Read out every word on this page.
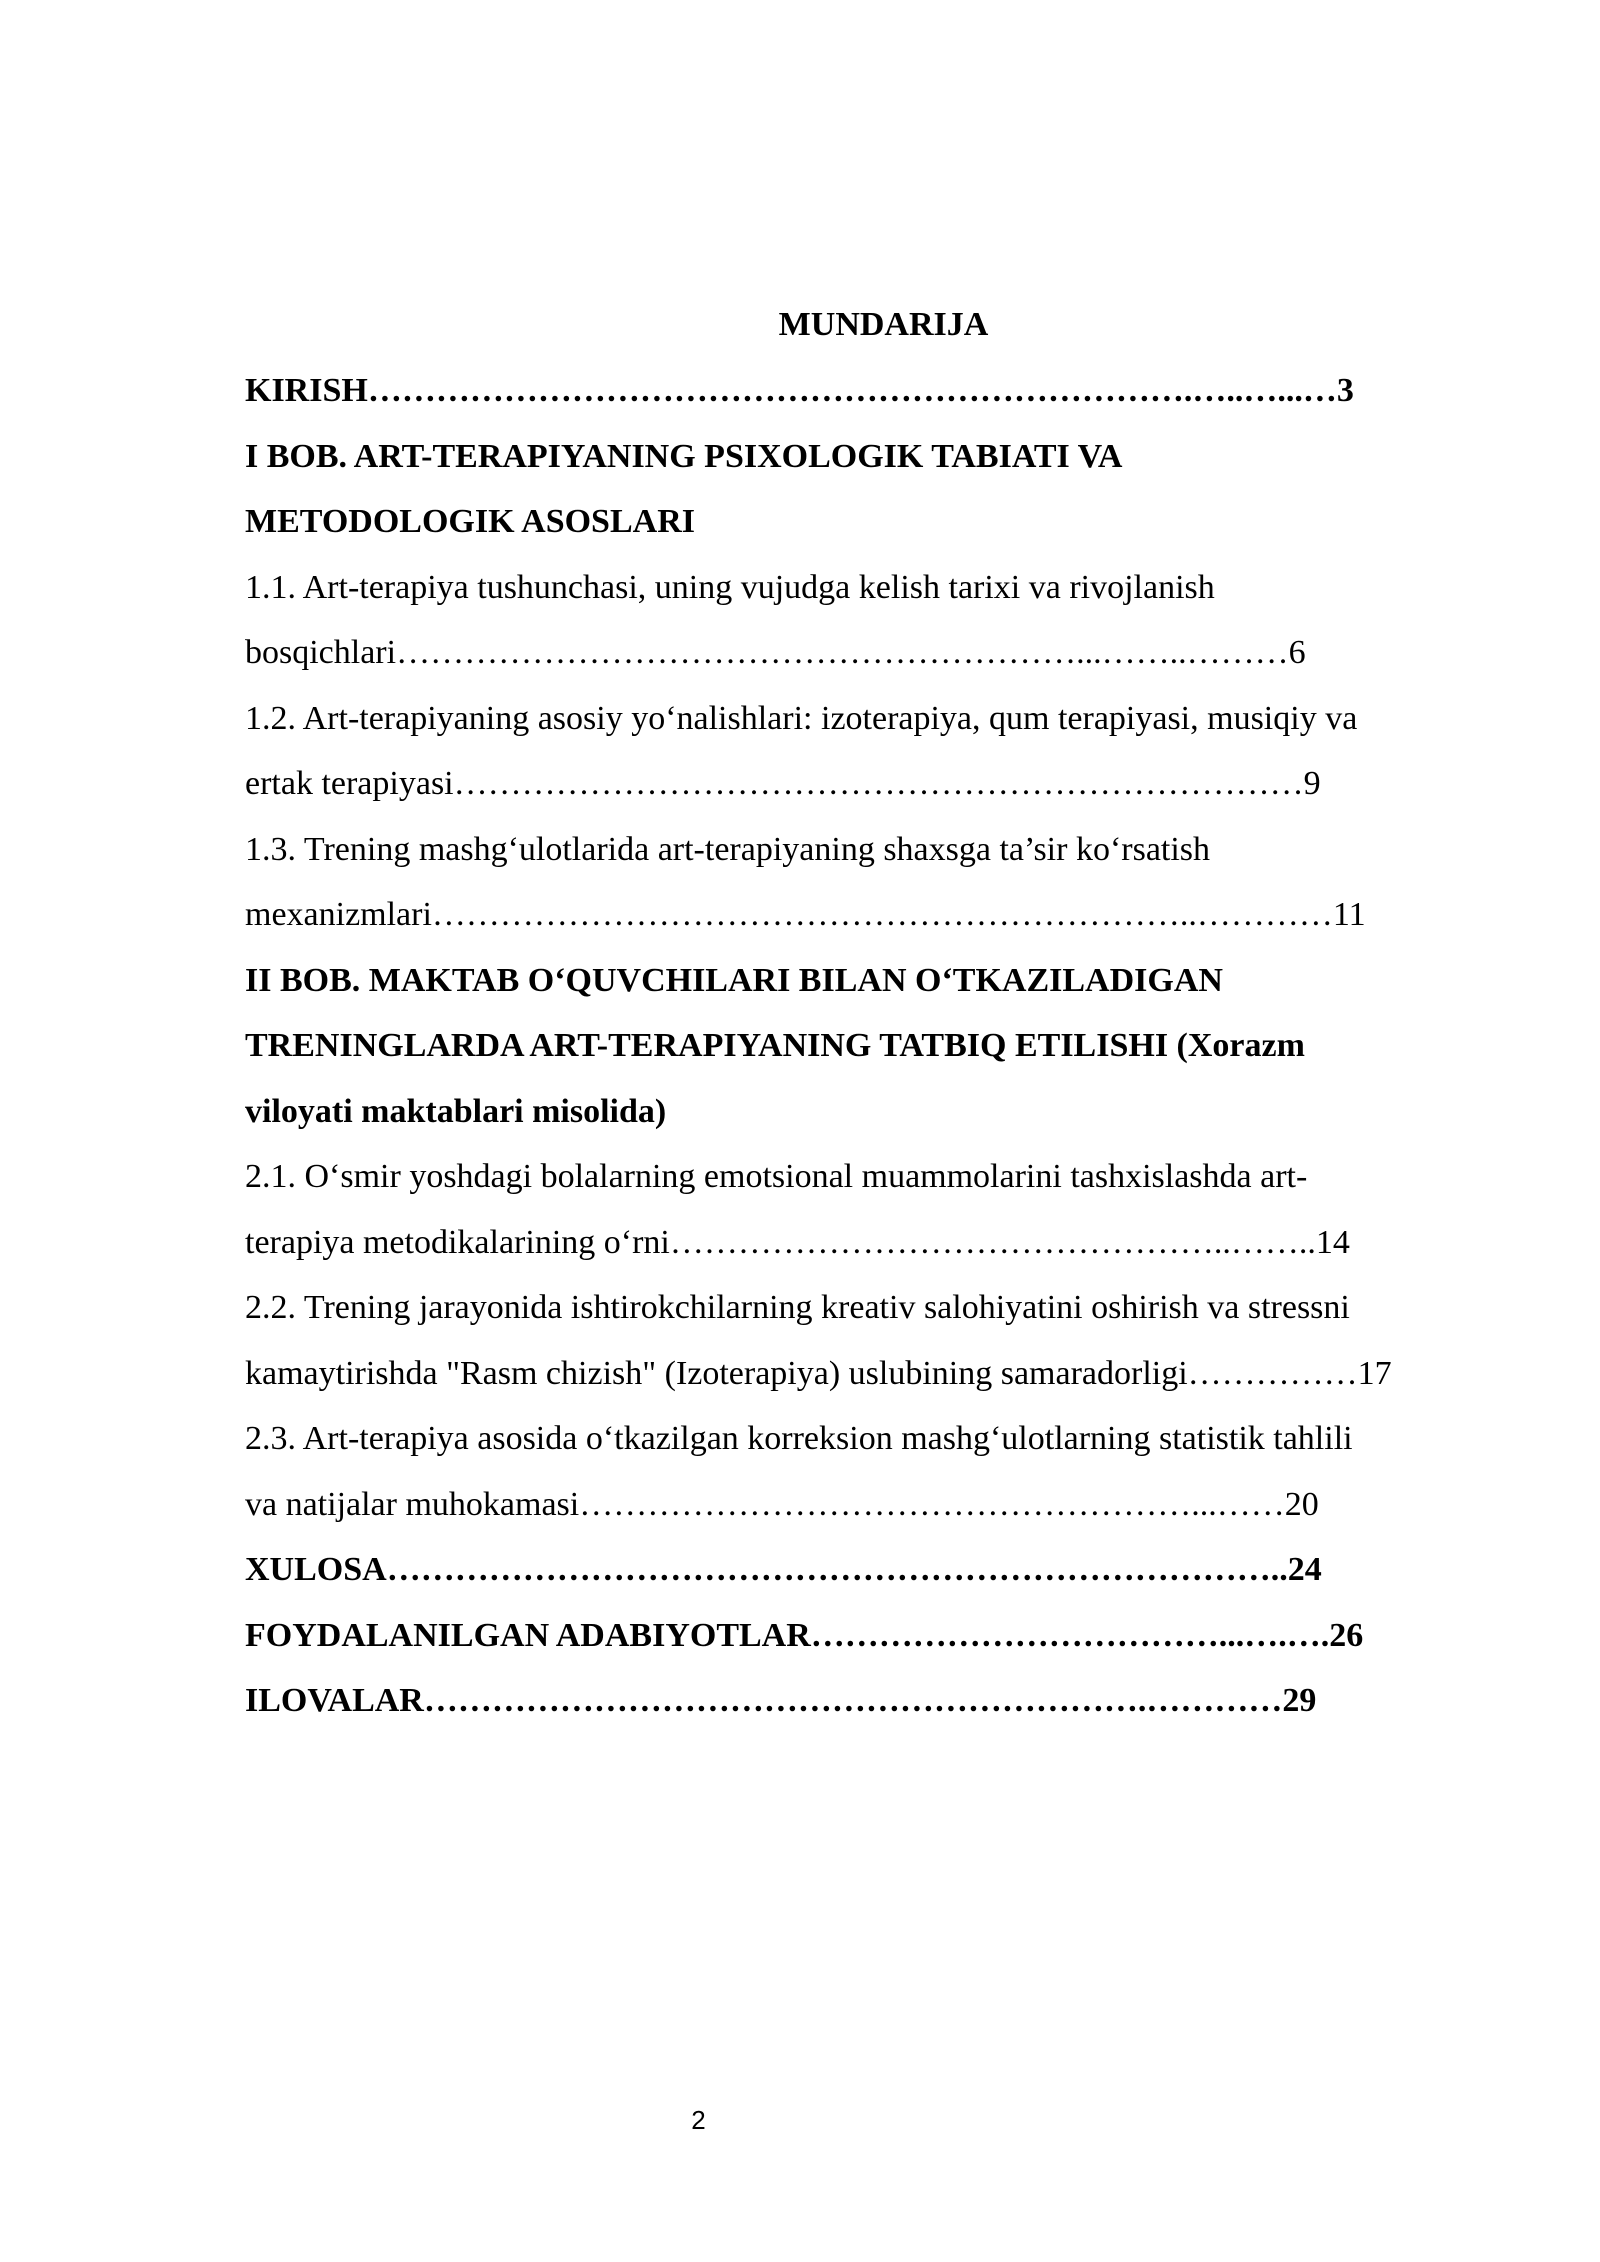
MUNDARIJA
KIRISH……………………………………………………………….…..…...…3
I BOB. ART-TERAPIYANING PSIXOLOGIK TABIATI VA
METODOLOGIK ASOSLARI
1.1. Art-terapiya tushunchasi, uning vujudga kelish tarixi va rivojlanish
bosqichlari……………………………………………………...……..………6
1.2. Art-terapiyaning asosiy yo‘nalishlari: izoterapiya, qum terapiyasi, musiqiy va
ertak terapiyasi…………………………………………………………………9
1.3. Trening mashg‘ulotlarida art-terapiyaning shaxsga ta’sir ko‘rsatish
mexanizmlari…………………………………………………………..…………11
II BOB. MAKTAB O‘QUVCHILARI BILAN O‘TKAZILADIGAN
TRENINGLARDA ART-TERAPIYANING TATBIQ ETILISHI (Xorazm
viloyati maktablari misolida)
2.1. O‘smir yoshdagi bolalarning emotsional muammolarini tashxislashda art-
terapiya metodikalarining o‘rni…………………………………………..……..14
2.2. Trening jarayonida ishtirokchilarning kreativ salohiyatini oshirish va stressni
kamaytirishda "Rasm chizish" (Izoterapiya) uslubining samaradorligi……………17
2.3. Art-terapiya asosida o‘tkazilgan korreksion mashg‘ulotlarning statistik tahlili
va natijalar muhokamasi………………………………………………...……20
XULOSA……………………………………………………………………..24
FOYDALANILGAN ADABIYOTLAR………………………………...….….26
ILOVALAR……………………………………………………….…………29
2
